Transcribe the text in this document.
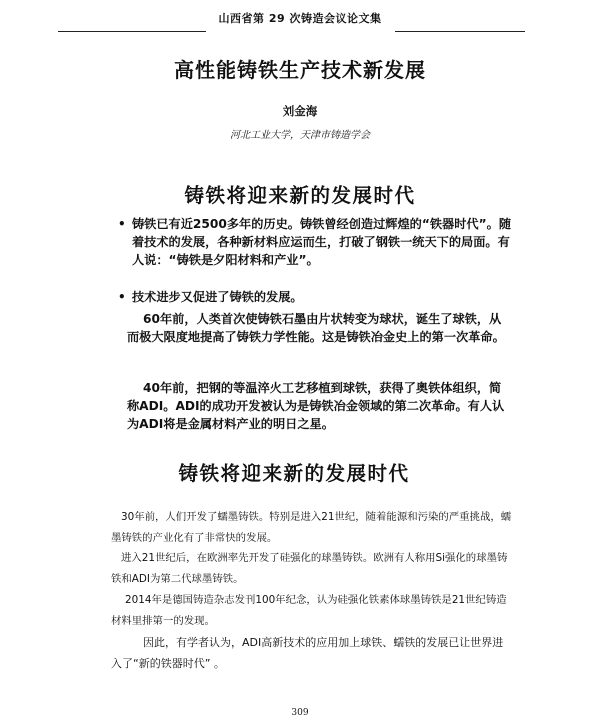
山西省第 29 次铸造会议论文集
高性能铸铁生产技术新发展
刘金海
河北工业大学，天津市铸造学会
铸铁将迎来新的发展时代
• 铸铁已有近2500多年的历史。铸铁曾经创造过辉煌的“铁器时代”。随着技术的发展，各种新材料应运而生，打破了钢铁一统天下的局面。有人说：“铸铁是夕阳材料和产业”。
• 技术进步又促进了铸铁的发展。
60年前，人类首次使铸铁石墨由片状转变为球状，诞生了球铁，从而极大限度地提高了铸铁力学性能。这是铸铁冶金史上的第一次革命。
40年前，把钢的等温淬火工艺移植到球铁，获得了奥铁体组织，简称ADI。ADI的成功开发被认为是铸铁冶金领域的第二次革命。有人认为ADI将是金属材料产业的明日之星。
铸铁将迎来新的发展时代
30年前，人们开发了蠕墨铸铁。特别是进入21世纪，随着能源和污染的严重挑战，蠕墨铸铁的产业化有了非常快的发展。
进入21世纪后，在欧洲率先开发了硅强化的球墨铸铁。欧洲有人称用Si强化的球墨铸铁和ADI为第二代球墨铸铁。
2014年是德国铸造杂志发刊100年纪念，认为硅强化铁素体球墨铸铁是21世纪铸造材料里排第一的发现。
因此，有学者认为，ADI高新技术的应用加上球铁、蠕铁的发展已让世界进入了“新的铁器时代” 。
309
